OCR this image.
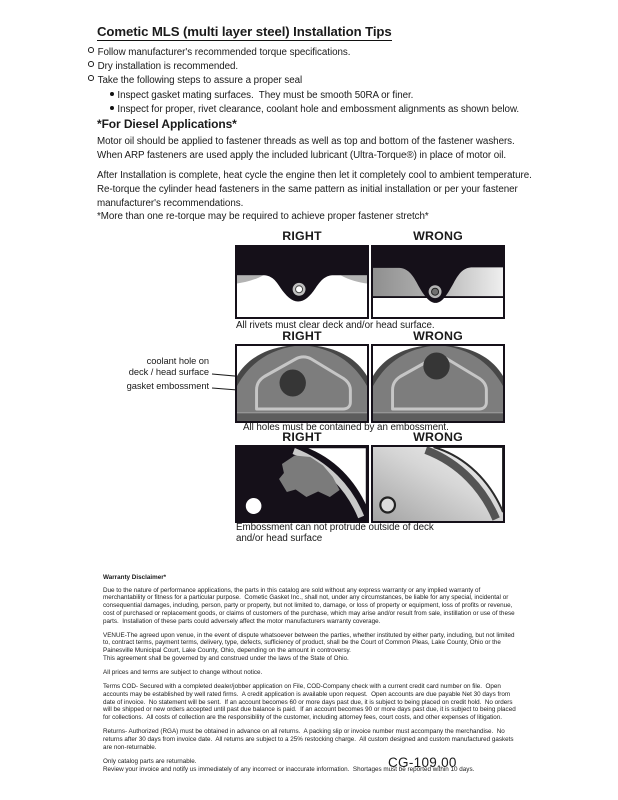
Cometic MLS (multi layer steel) Installation Tips
Follow manufacturer's recommended torque specifications.
Dry installation is recommended.
Take the following steps to assure a proper seal
Inspect gasket mating surfaces.  They must be smooth 50RA or finer.
Inspect for proper, rivet clearance, coolant hole and embossment alignments as shown below.
*For Diesel Applications*
Motor oil should be applied to fastener threads as well as top and bottom of the fastener washers. When ARP fasteners are used apply the included lubricant (Ultra-Torque®) in place of motor oil.
After Installation is complete, heat cycle the engine then let it completely cool to ambient temperature. Re-torque the cylinder head fasteners in the same pattern as initial installation or per your fastener manufacturer's recommendations.
*More than one re-torque may be required to achieve proper fastener stretch*
RIGHT	WRONG
All rivets must clear deck and/or head surface.
RIGHT	WRONG
coolant hole on
deck / head surface
gasket embossment
All holes must be contained by an embossment.
RIGHT	WRONG
Embossment can not protrude outside of deck
and/or head surface
Warranty Disclaimer*

Due to the nature of performance applications, the parts in this catalog are sold without any express warranty or any implied warranty of merchantability or fitness for a particular purpose.  Cometic Gasket Inc., shall not, under any circumstances, be liable for any special, incidental or consequential damages, including, person, party or property, but not limited to, damage, or loss of property or equipment, loss of profits or revenue, cost of purchased or replacement goods, or claims of customers of the purchase, which may arise and/or result from sale, instillation or use of these parts.  Installation of these parts could adversely affect the motor manufacturers warranty coverage.

VENUE-The agreed upon venue, in the event of dispute whatsoever between the parties, whether instituted by either party, including, but not limited to, contract terms, payment terms, delivery, type, defects, sufficiency of product, shall be the Court of Common Pleas, Lake County, Ohio or the Painesville Municipal Court, Lake County, Ohio, depending on the amount in controversy.

This agreement shall be governed by and construed under the laws of the State of Ohio.

All prices and terms are subject to change without notice.

Terms COD- Secured with a completed dealer/jobber application on File, COD-Company check with a current credit card number on file.  Open accounts may be established by well rated firms.  A credit application is available upon request.  Open accounts are due payable Net 30 days from date of invoice.  No statement will be sent.  If an account becomes 60 or more days past due, it is subject to being placed on credit hold.  No orders will be shipped or new orders accepted until past due balance is paid.  If an account becomes 90 or more days past due, it is subject to being placed for collections.  All costs of collection are the responsibility of the customer, including attorney fees, court costs, and other expenses of litigation.

Returns- Authorized (RGA) must be obtained in advance on all returns.  A packing slip or invoice number must accompany the merchandise.  No returns after 30 days from invoice date.  All returns are subject to a 25% restocking charge.  All custom designed and custom manufactured gaskets are non-returnable.

Only catalog parts are returnable.

Review your invoice and notify us immediately of any incorrect or inaccurate information.  Shortages must be reported within 10 days.

CG-109.00
